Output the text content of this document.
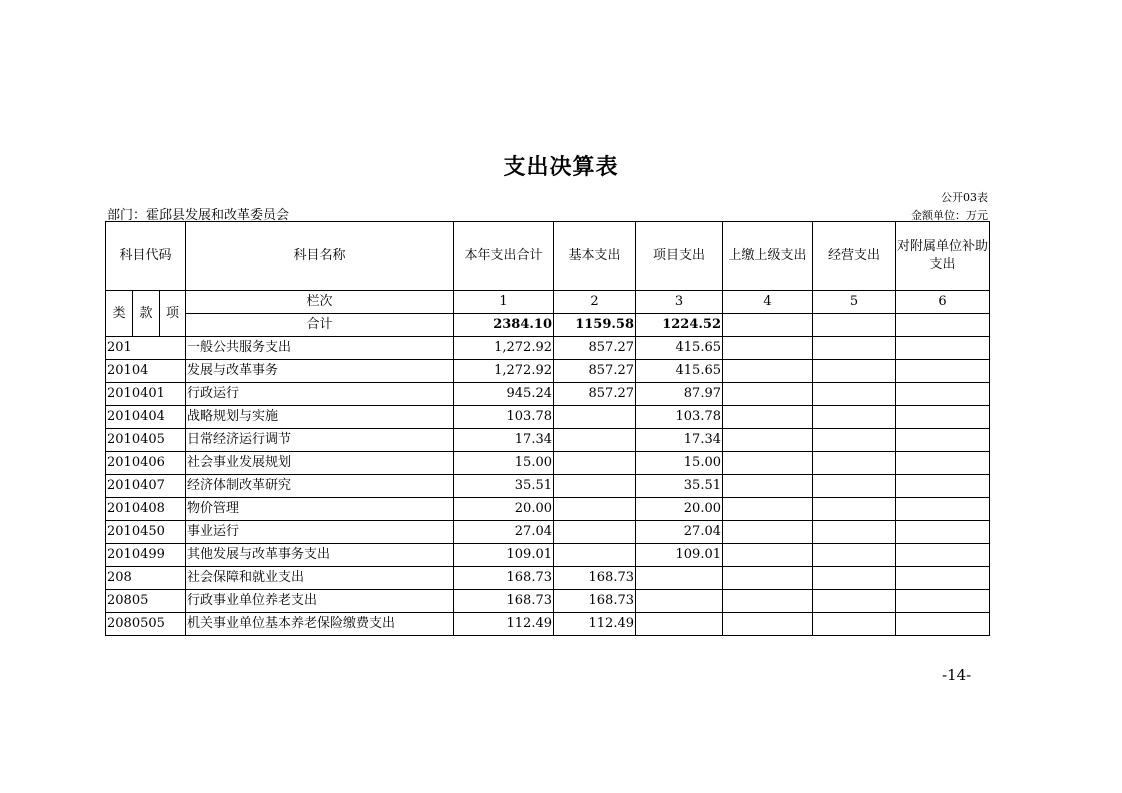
支出决算表
公开03表
部门：霍邱县发展和改革委员会	金额单位：万元
科目代码			科目名称	本年支出合计	基本支出	项目支出	上缴上级支出	经营支出	对附属单位补助支出
类	款	项	栏次	1	2	3	4	5	6
			合计	2384.10	1159.58	1224.52			
201			一般公共服务支出	1,272.92	857.27	415.65			
20104			发展与改革事务	1,272.92	857.27	415.65			
2010401			行政运行	945.24	857.27	87.97			
2010404			战略规划与实施	103.78		103.78			
2010405			日常经济运行调节	17.34		17.34			
2010406			社会事业发展规划	15.00		15.00			
2010407			经济体制改革研究	35.51		35.51			
2010408			物价管理	20.00		20.00			
2010450			事业运行	27.04		27.04			
2010499			其他发展与改革事务支出	109.01		109.01			
208			社会保障和就业支出	168.73	168.73				
20805			行政事业单位养老支出	168.73	168.73				
2080505			机关事业单位基本养老保险缴费支出	112.49	112.49				
-14-
